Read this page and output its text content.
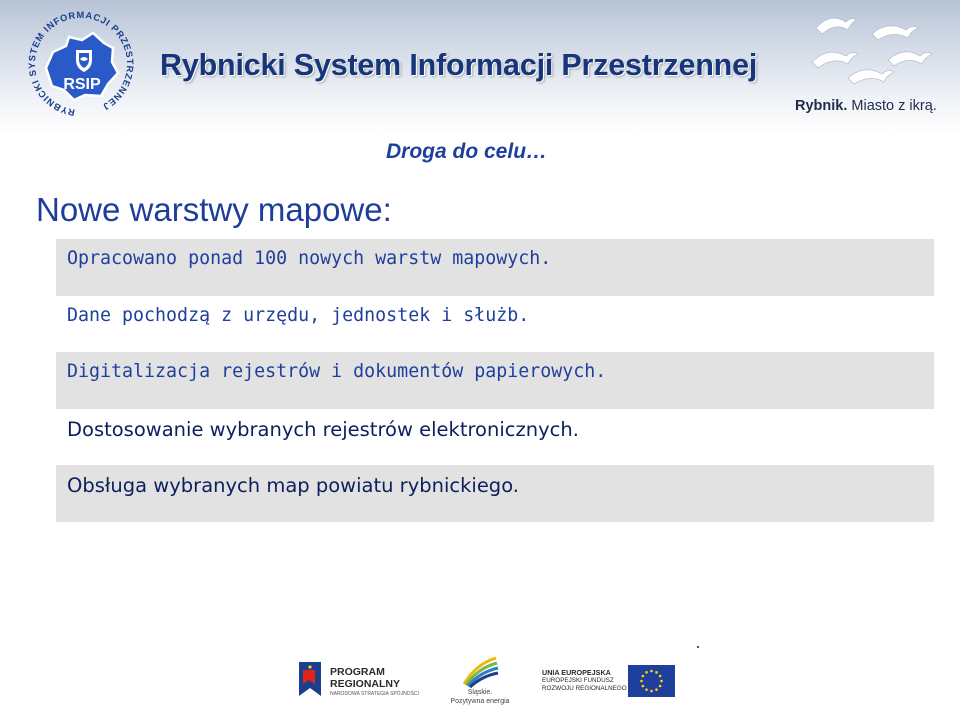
RYBNICKI SYSTEM INFORMACJI PRZESTRZENNEJ
RSIP
Rybnicki System Informacji Przestrzennej
Rybnik. Miasto z ikrą.
Droga do celu…
Nowe warstwy mapowe:
Opracowano ponad 100 nowych warstw mapowych.
Dane pochodzą z urzędu, jednostek i służb.
Digitalizacja rejestrów i dokumentów papierowych.
Dostosowanie wybranych rejestrów elektronicznych.
Obsługa wybranych map powiatu rybnickiego.
PROGRAM
REGIONALNY
NARODOWA STRATEGIA SPÓJNOŚCI	Śląskie.
Pozytywna energia
UNIA EUROPEJSKA
EUROPEJSKI FUNDUSZ
ROZWOJU REGIONALNEGO
